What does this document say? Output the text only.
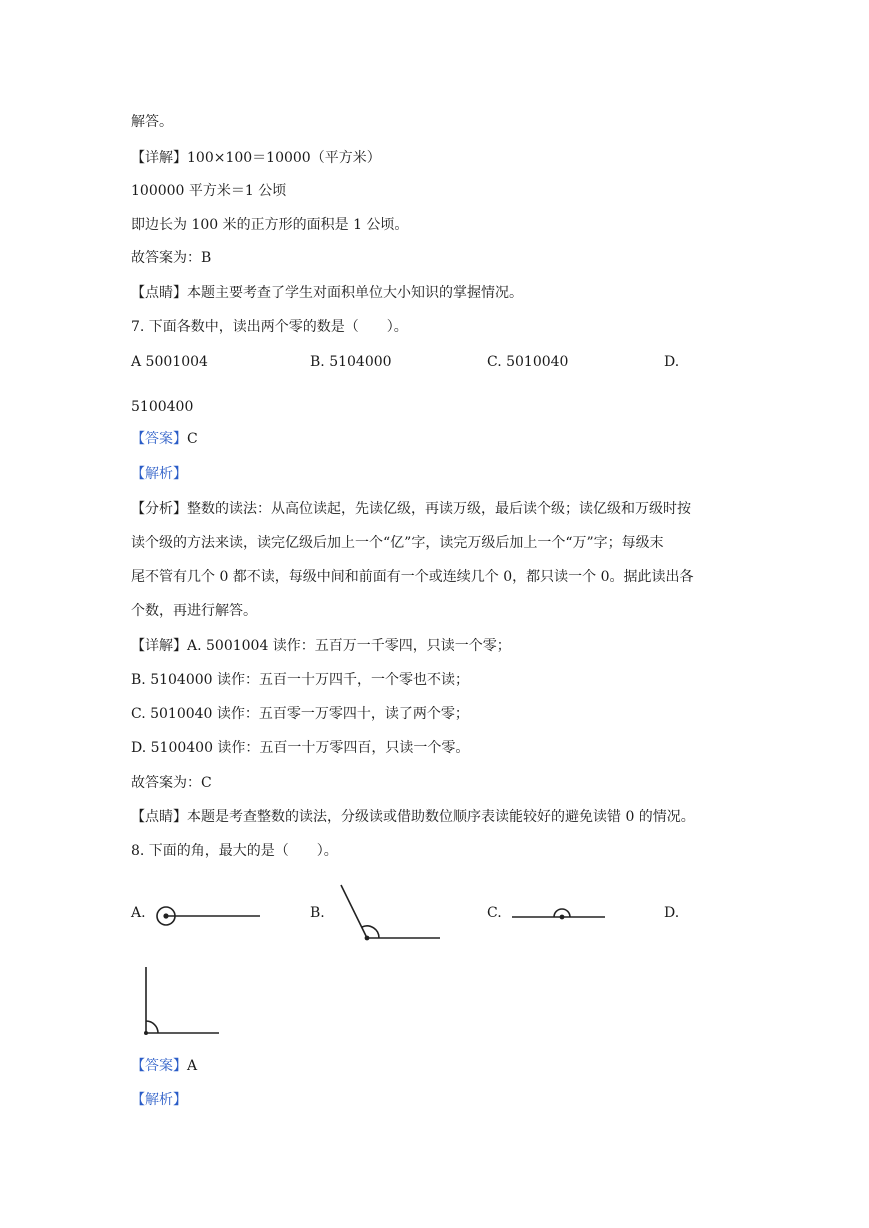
解答。
【详解】100×100＝10000（平方米）
100000 平方米＝1 公顷
即边长为 100 米的正方形的面积是 1 公顷。
故答案为：B
【点睛】本题主要考查了学生对面积单位大小知识的掌握情况。
7. 下面各数中，读出两个零的数是（　　）。
A 5001004	B. 5104000	C. 5010040	D.
5100400
【答案】C
【解析】
【分析】整数的读法：从高位读起，先读亿级，再读万级，最后读个级；读亿级和万级时按
读个级的方法来读，读完亿级后加上一个“亿”字，读完万级后加上一个“万”字；每级末
尾不管有几个 0 都不读，每级中间和前面有一个或连续几个 0，都只读一个 0。据此读出各
个数，再进行解答。
【详解】A. 5001004 读作：五百万一千零四，只读一个零；
B. 5104000 读作：五百一十万四千，一个零也不读；
C. 5010040 读作：五百零一万零四十，读了两个零；
D. 5100400 读作：五百一十万零四百，只读一个零。
故答案为：C
【点睛】本题是考查整数的读法，分级读或借助数位顺序表读能较好的避免读错 0 的情况。
8. 下面的角，最大的是（　　）。
A.	B.	C.	D.
【答案】A
【解析】
